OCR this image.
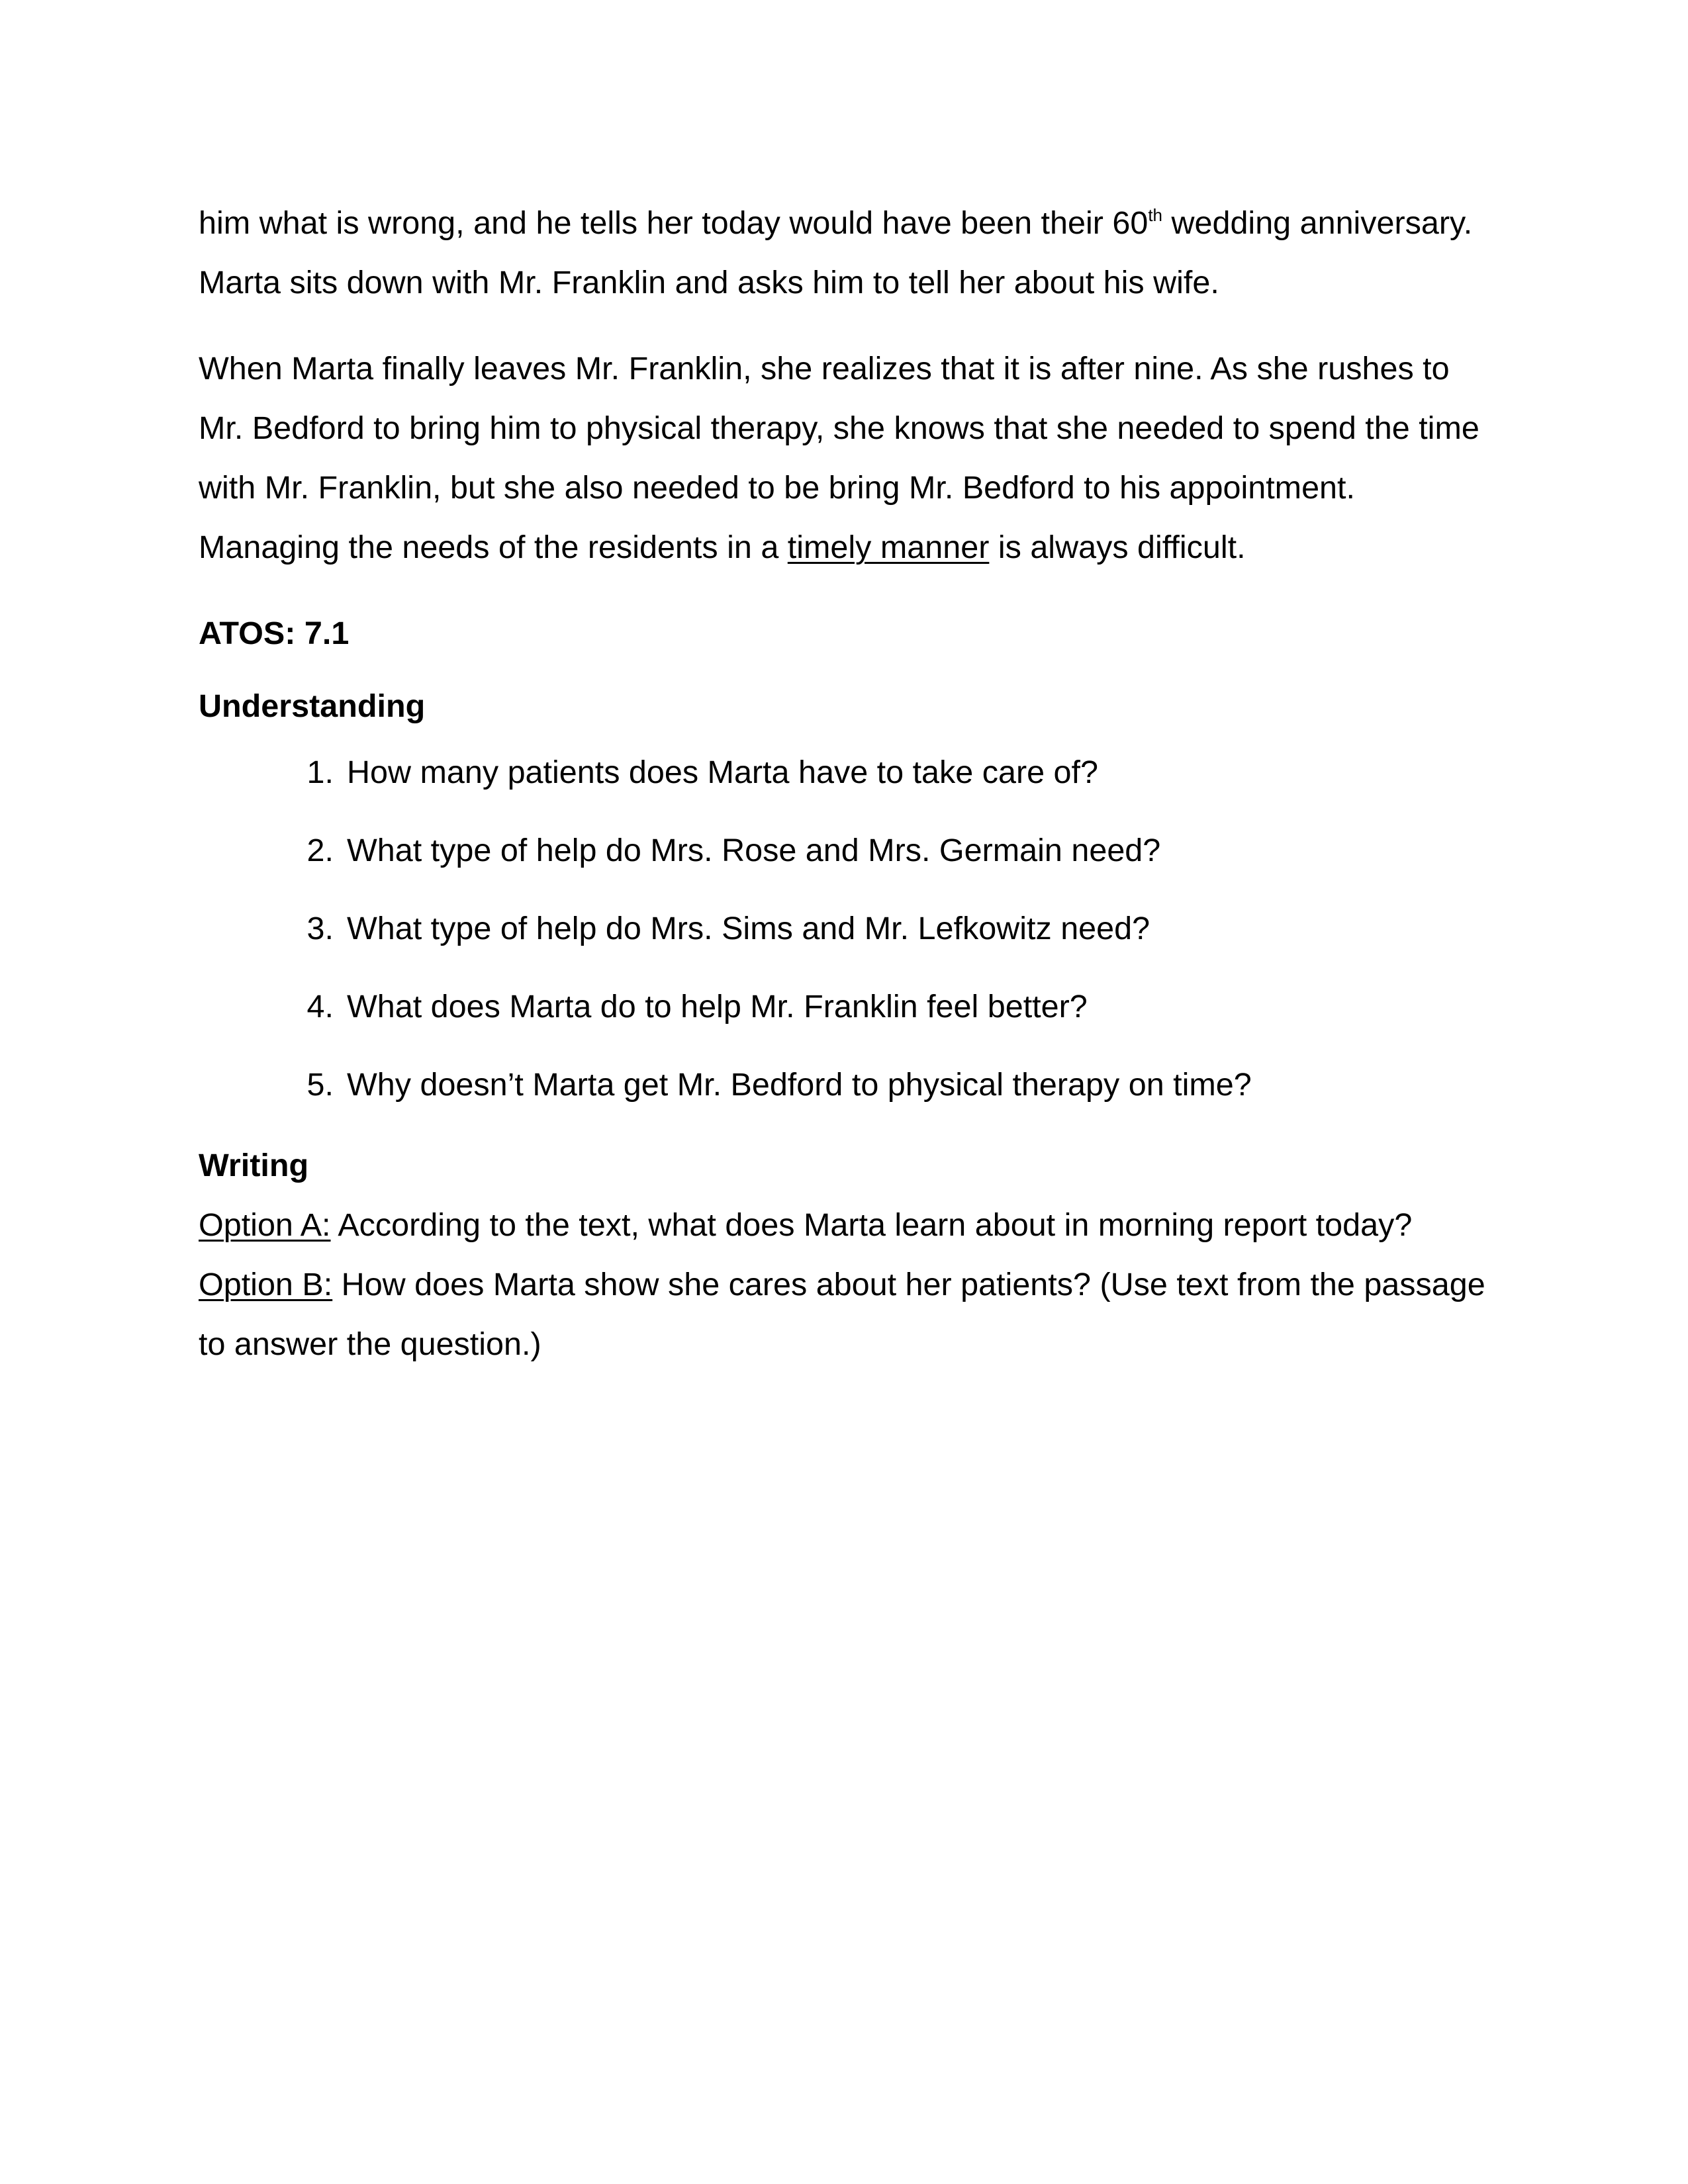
him what is wrong, and he tells her today would have been their 60th wedding anniversary. Marta sits down with Mr. Franklin and asks him to tell her about his wife.

When Marta finally leaves Mr. Franklin, she realizes that it is after nine. As she rushes to Mr. Bedford to bring him to physical therapy, she knows that she needed to spend the time with Mr. Franklin, but she also needed to be bring Mr. Bedford to his appointment. Managing the needs of the residents in a timely manner is always difficult.

ATOS: 7.1

Understanding

1. How many patients does Marta have to take care of?
2. What type of help do Mrs. Rose and Mrs. Germain need?
3. What type of help do Mrs. Sims and Mr. Lefkowitz need?
4. What does Marta do to help Mr. Franklin feel better?
5. Why doesn’t Marta get Mr. Bedford to physical therapy on time?

Writing

Option A: According to the text, what does Marta learn about in morning report today?

Option B: How does Marta show she cares about her patients? (Use text from the passage to answer the question.)
